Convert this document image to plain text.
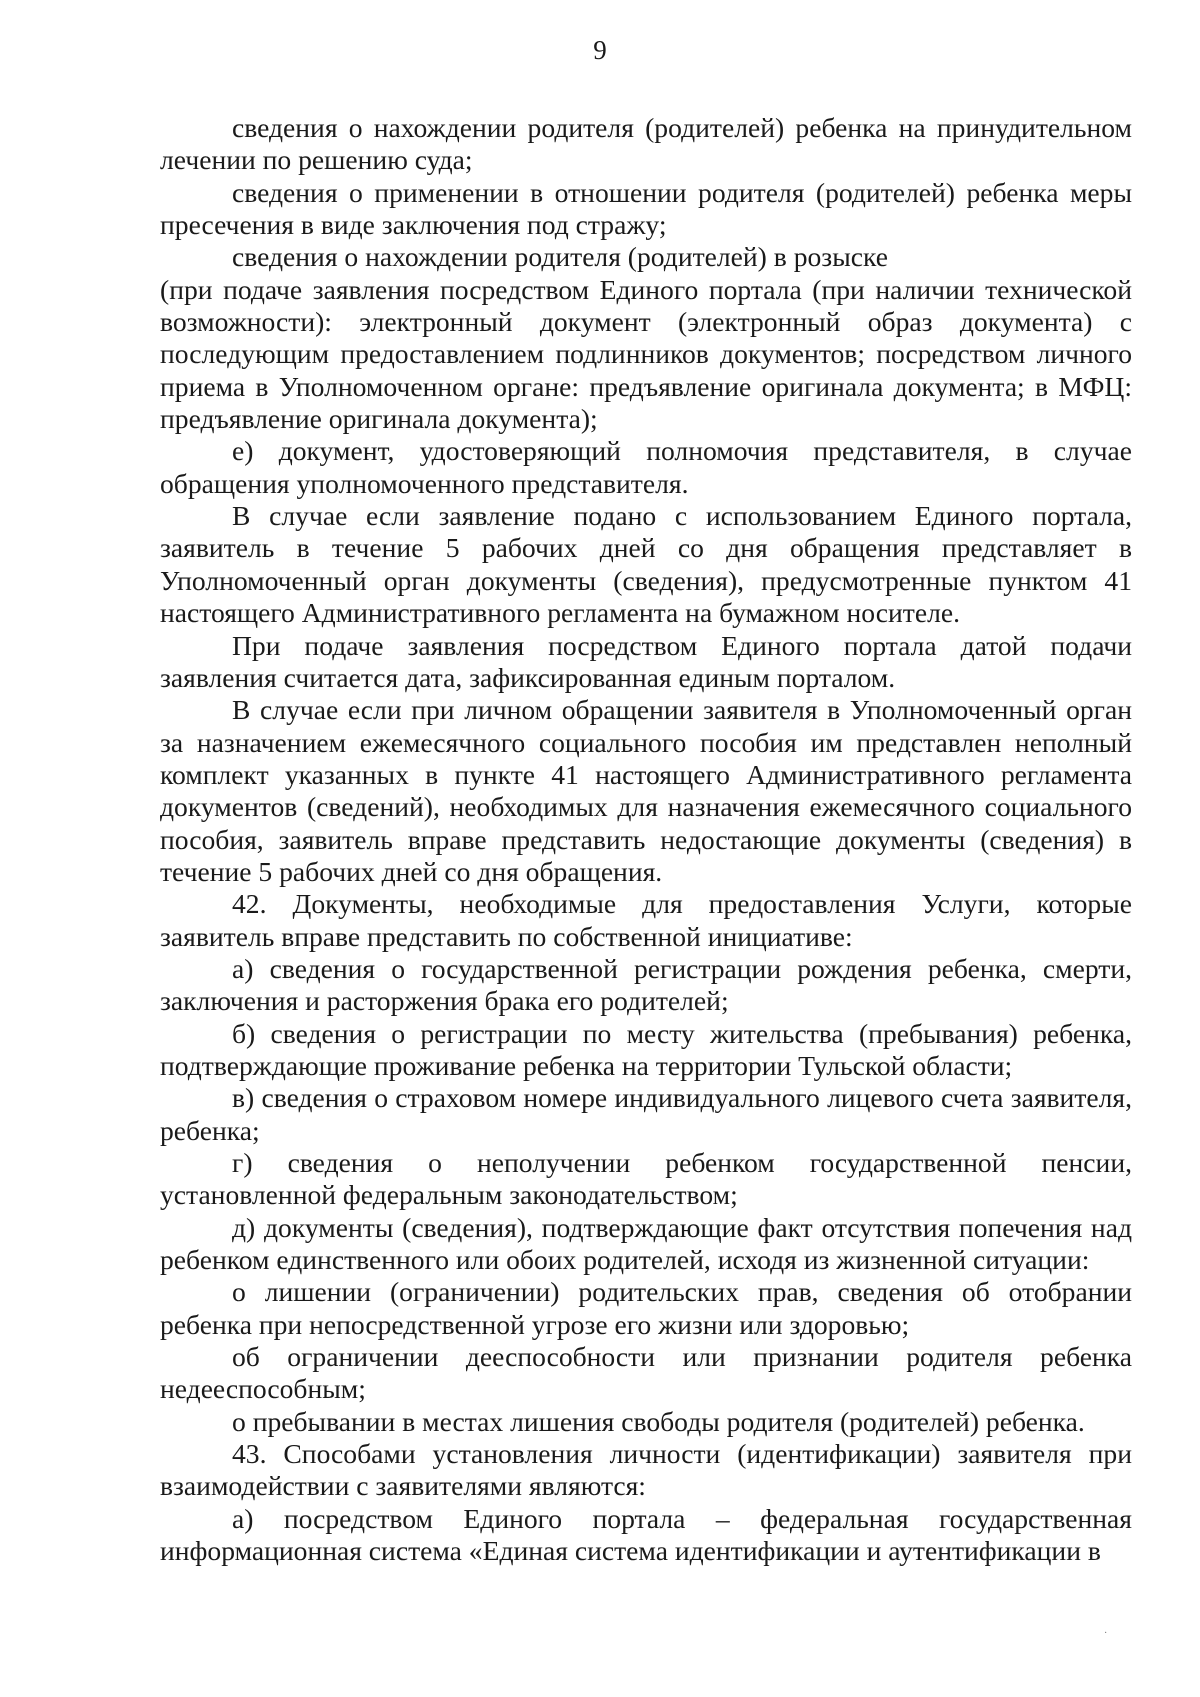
9

сведения о нахождении родителя (родителей) ребенка на принудительном лечении по решению суда;

сведения о применении в отношении родителя (родителей) ребенка меры пресечения в виде заключения под стражу;

сведения о нахождении родителя (родителей) в розыске

(при подаче заявления посредством Единого портала (при наличии технической возможности): электронный документ (электронный образ документа) с последующим предоставлением подлинников документов; посредством личного приема в Уполномоченном органе: предъявление оригинала документа; в МФЦ: предъявление оригинала документа);

е) документ, удостоверяющий полномочия представителя, в случае обращения уполномоченного представителя.

В случае если заявление подано с использованием Единого портала, заявитель в течение 5 рабочих дней со дня обращения представляет в Уполномоченный орган документы (сведения), предусмотренные пунктом 41 настоящего Административного регламента на бумажном носителе.

При подаче заявления посредством Единого портала датой подачи заявления считается дата, зафиксированная единым порталом.

В случае если при личном обращении заявителя в Уполномоченный орган за назначением ежемесячного социального пособия им представлен неполный комплект указанных в пункте 41 настоящего Административного регламента документов (сведений), необходимых для назначения ежемесячного социального пособия, заявитель вправе представить недостающие документы (сведения) в течение 5 рабочих дней со дня обращения.

42. Документы, необходимые для предоставления Услуги, которые заявитель вправе представить по собственной инициативе:

а) сведения о государственной регистрации рождения ребенка, смерти, заключения и расторжения брака его родителей;

б) сведения о регистрации по месту жительства (пребывания) ребенка, подтверждающие проживание ребенка на территории Тульской области;

в) сведения о страховом номере индивидуального лицевого счета заявителя, ребенка;

г) сведения о неполучении ребенком государственной пенсии, установленной федеральным законодательством;

д) документы (сведения), подтверждающие факт отсутствия попечения над ребенком единственного или обоих родителей, исходя из жизненной ситуации:

о лишении (ограничении) родительских прав, сведения об отобрании ребенка при непосредственной угрозе его жизни или здоровью;

об ограничении дееспособности или признании родителя ребенка недееспособным;

о пребывании в местах лишения свободы родителя (родителей) ребенка.

43. Способами установления личности (идентификации) заявителя при взаимодействии с заявителями являются:

а) посредством Единого портала – федеральная государственная информационная система «Единая система идентификации и аутентификации в

·
